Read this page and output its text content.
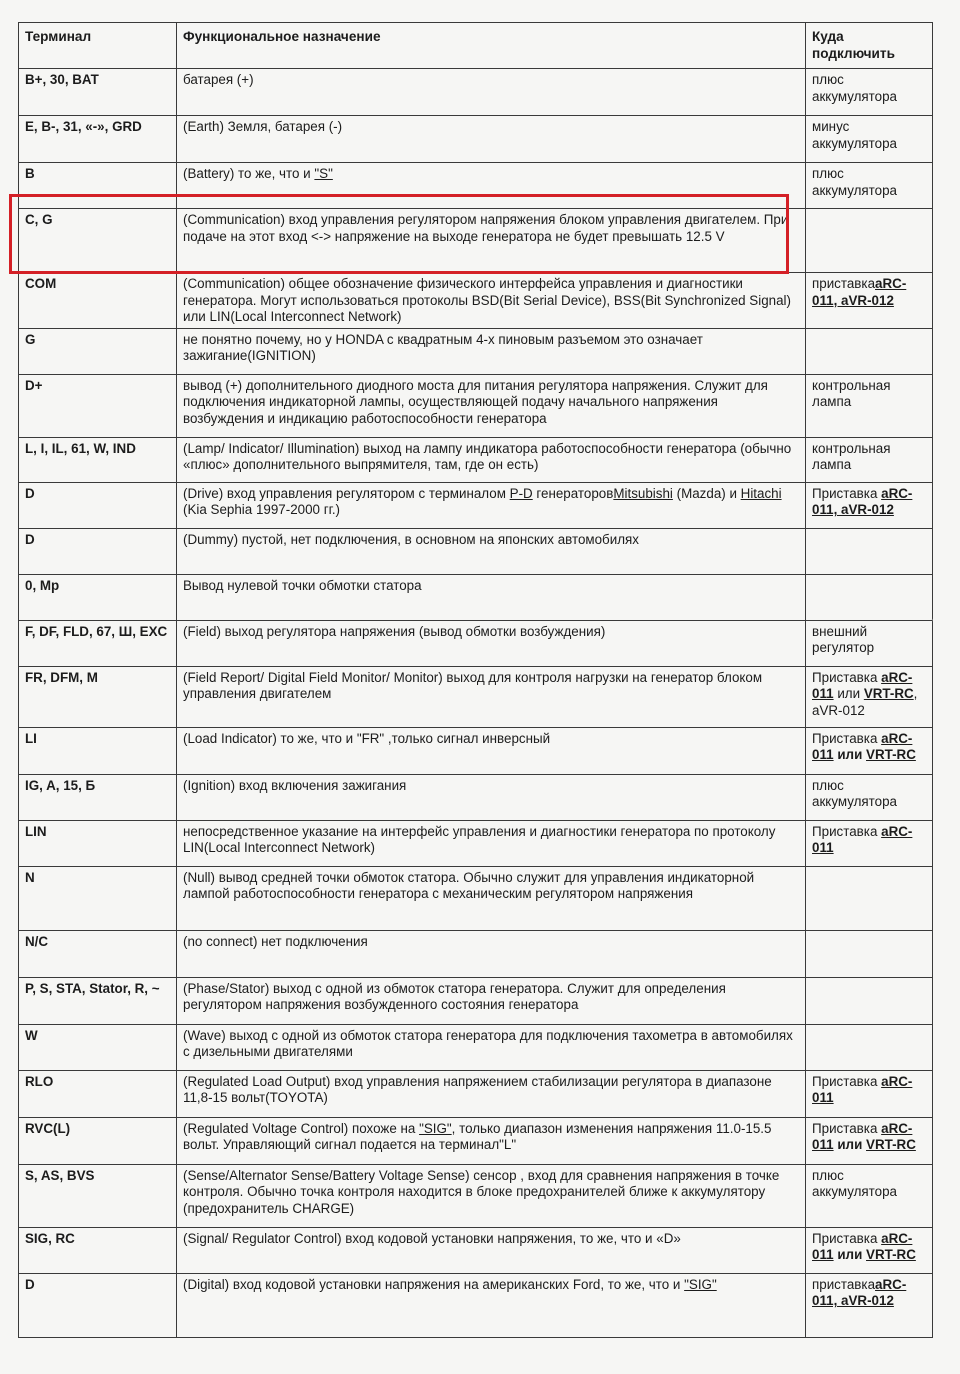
Терминал	Функциональное назначение	Куда подключить
B+, 30, BAT	батарея (+)	плюс аккумулятора
E, B-, 31, «-», GRD	(Earth) Земля, батарея (-)	минус аккумулятора
B	(Battery) то же, что и "S"	плюс аккумулятора
C, G	(Communication) вход управления регулятором напряжения блоком управления двигателем. При подаче на этот вход <-> напряжение на выходе генератора не будет превышать 12.5 V	
COM	(Communication) общее обозначение физического интерфейса управления и диагностики генератора. Могут использоваться протоколы BSD(Bit Serial Device), BSS(Bit Synchronized Signal) или LIN(Local Interconnect Network)	приставкаaRC-011, aVR-012
G	не понятно почему, но у HONDA с квадратным 4-х пиновым разъемом это означает зажигание(IGNITION)	
D+	вывод (+) дополнительного диодного моста для питания регулятора напряжения. Служит для подключения индикаторной лампы, осуществляющей подачу начального напряжения возбуждения и индикацию работоспособности генератора	контрольная лампа
L, I, IL, 61, W, IND	(Lamp/ Indicator/ Illumination) выход на лампу индикатора работоспособности генератора (обычно «плюс» дополнительного выпрямителя, там, где он есть)	контрольная лампа
D	(Drive) вход управления регулятором с терминалом P-D генераторовMitsubishi (Mazda) и Hitachi (Kia Sephia 1997-2000 гг.)	Приставка aRC-011, aVR-012
D	(Dummy) пустой, нет подключения, в основном на японских автомобилях	
0, Mp	Вывод нулевой точки обмотки статора	
F, DF, FLD, 67, Ш, EXC	(Field) выход регулятора напряжения (вывод обмотки возбуждения)	внешний регулятор
FR, DFM, M	(Field Report/ Digital Field Monitor/ Monitor) выход для контроля нагрузки на генератор блоком управления двигателем	Приставка aRC-011 или VRT-RC, aVR-012
LI	(Load Indicator) то же, что и "FR" ,только сигнал инверсный	Приставка aRC-011 или VRT-RC
IG, A, 15, Б	(Ignition) вход включения зажигания	плюс аккумулятора
LIN	непосредственное указание на интерфейс управления и диагностики генератора по протоколу LIN(Local Interconnect Network)	Приставка aRC-011
N	(Null) вывод средней точки обмоток статора. Обычно служит для управления индикаторной лампой работоспособности генератора с механическим регулятором напряжения	
N/C	(no connect) нет подключения	
P, S, STA, Stator, R, ~	(Phase/Stator) выход с одной из обмоток статора генератора. Служит для определения регулятором напряжения возбужденного состояния генератора	
W	(Wave) выход с одной из обмоток статора генератора для подключения тахометра в автомобилях с дизельными двигателями	
RLO	(Regulated Load Output) вход управления напряжением стабилизации регулятора в диапазоне 11,8-15 вольт(TOYOTA)	Приставка aRC-011
RVC(L)	(Regulated Voltage Control) похоже на "SIG", только диапазон изменения напряжения 11.0-15.5 вольт. Управляющий сигнал подается на терминал"L"	Приставка aRC-011 или VRT-RC
S, AS, BVS	(Sense/Alternator Sense/Battery Voltage Sense) сенсор , вход для сравнения напряжения в точке контроля. Обычно точка контроля находится в блоке предохранителей ближе к аккумулятору (предохранитель CHARGE)	плюс аккумулятора
SIG, RC	(Signal/ Regulator Control) вход кодовой установки напряжения, то же, что и «D»	Приставка aRC-011 или VRT-RC
D	(Digital) вход кодовой установки напряжения на американских Ford, то же, что и "SIG"	приставкаaRC-011, aVR-012
,
